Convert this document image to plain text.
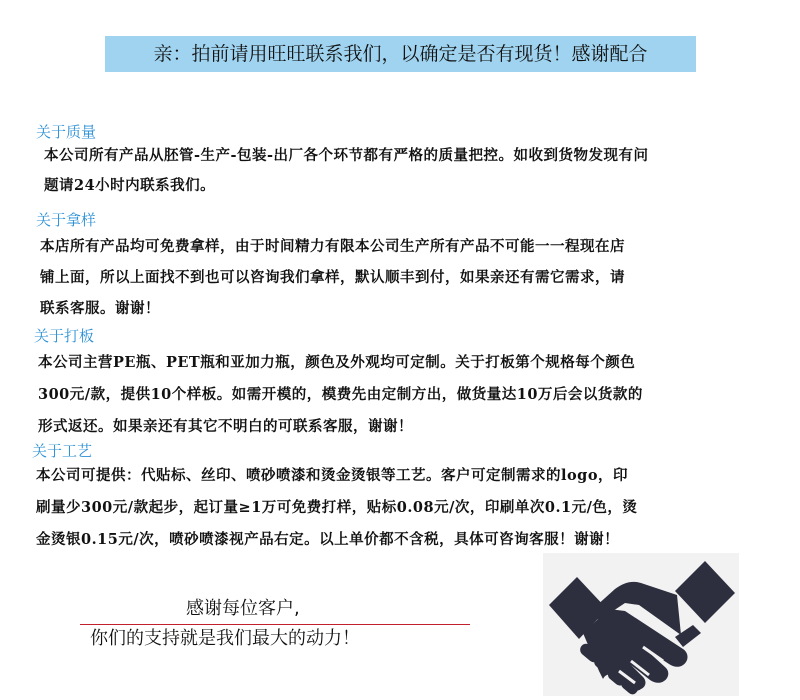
亲：拍前请用旺旺联系我们，以确定是否有现货！感谢配合
关于质量
本公司所有产品从胚管-生产-包装-出厂各个环节都有严格的质量把控。如收到货物发现有问
题请24小时内联系我们。
关于拿样
本店所有产品均可免费拿样，由于时间精力有限本公司生产所有产品不可能一一程现在店
铺上面，所以上面找不到也可以咨询我们拿样，默认顺丰到付，如果亲还有需它需求，请
联系客服。谢谢！
关于打板
本公司主营PE瓶、PET瓶和亚加力瓶，颜色及外观均可定制。关于打板第个规格每个颜色
300元/款，提供10个样板。如需开模的，模费先由定制方出，做货量达10万后会以货款的
形式返还。如果亲还有其它不明白的可联系客服，谢谢！
关于工艺
本公司可提供：代贴标、丝印、喷砂喷漆和烫金烫银等工艺。客户可定制需求的logo，印
刷量少300元/款起步，起订量≥1万可免费打样，贴标0.08元/次，印刷单次0.1元/色，烫
金烫银0.15元/次，喷砂喷漆视产品右定。以上单价都不含税，具体可咨询客服！谢谢！
感谢每位客户,
你们的支持就是我们最大的动力！
